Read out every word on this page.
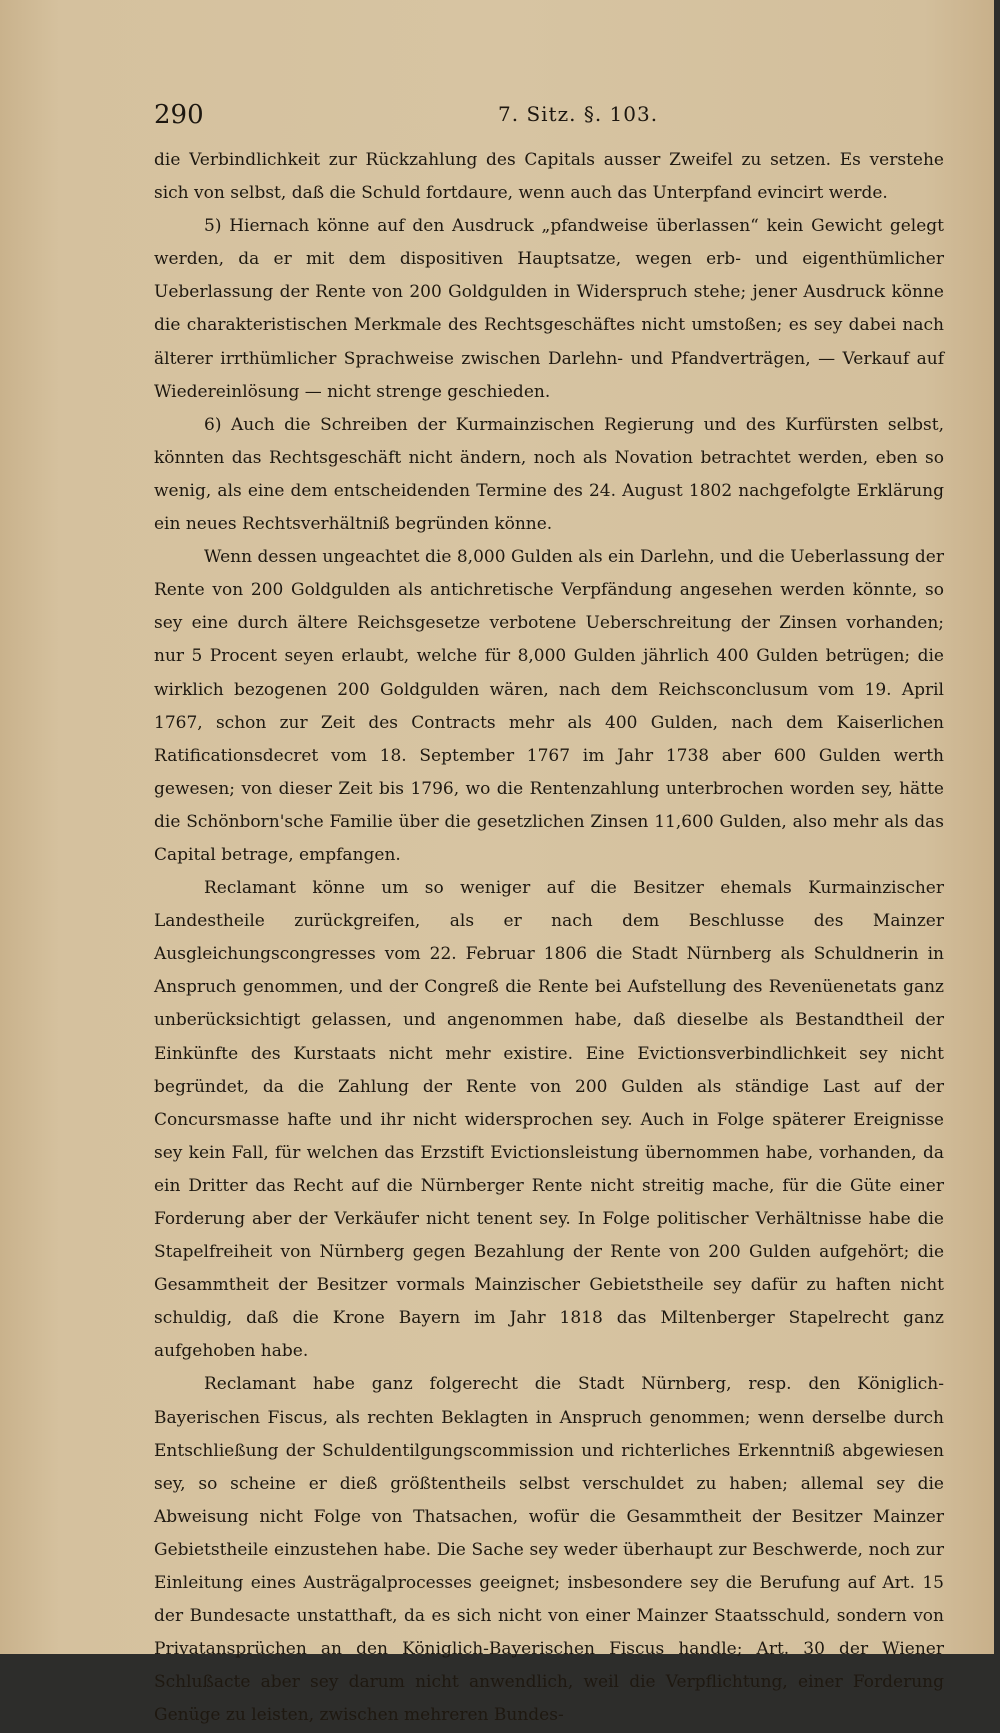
290	7. Sitz. §. 103.

die Verbindlichkeit zur Rückzahlung des Capitals ausser Zweifel zu setzen. Es verstehe sich von selbst, daß die Schuld fortdaure, wenn auch das Unterpfand evincirt werde.

5) Hiernach könne auf den Ausdruck „pfandweise überlassen“ kein Gewicht gelegt werden, da er mit dem dispositiven Hauptsatze, wegen erb- und eigenthümlicher Ueberlassung der Rente von 200 Goldgulden in Widerspruch stehe; jener Ausdruck könne die charakteristischen Merkmale des Rechtsgeschäftes nicht umstoßen; es sey dabei nach älterer irrthümlicher Sprachweise zwischen Darlehn- und Pfandverträgen, — Verkauf auf Wiedereinlösung — nicht strenge geschieden.

6) Auch die Schreiben der Kurmainzischen Regierung und des Kurfürsten selbst, könnten das Rechtsgeschäft nicht ändern, noch als Novation betrachtet werden, eben so wenig, als eine dem entscheidenden Termine des 24. August 1802 nachgefolgte Erklärung ein neues Rechtsverhältniß begründen könne.

Wenn dessen ungeachtet die 8,000 Gulden als ein Darlehn, und die Ueberlassung der Rente von 200 Goldgulden als antichretische Verpfändung angesehen werden könnte, so sey eine durch ältere Reichsgesetze verbotene Ueberschreitung der Zinsen vorhanden; nur 5 Procent seyen erlaubt, welche für 8,000 Gulden jährlich 400 Gulden betrügen; die wirklich bezogenen 200 Goldgulden wären, nach dem Reichsconclusum vom 19. April 1767, schon zur Zeit des Contracts mehr als 400 Gulden, nach dem Kaiserlichen Ratificationsdecret vom 18. September 1767 im Jahr 1738 aber 600 Gulden werth gewesen; von dieser Zeit bis 1796, wo die Rentenzahlung unterbrochen worden sey, hätte die Schönborn'sche Familie über die gesetzlichen Zinsen 11,600 Gulden, also mehr als das Capital betrage, empfangen.

Reclamant könne um so weniger auf die Besitzer ehemals Kurmainzischer Landestheile zurückgreifen, als er nach dem Beschlusse des Mainzer Ausgleichungscongresses vom 22. Februar 1806 die Stadt Nürnberg als Schuldnerin in Anspruch genommen, und der Congreß die Rente bei Aufstellung des Revenüenetats ganz unberücksichtigt gelassen, und angenommen habe, daß dieselbe als Bestandtheil der Einkünfte des Kurstaats nicht mehr existire. Eine Evictionsverbindlichkeit sey nicht begründet, da die Zahlung der Rente von 200 Gulden als ständige Last auf der Concursmasse hafte und ihr nicht widersprochen sey. Auch in Folge späterer Ereignisse sey kein Fall, für welchen das Erzstift Evictionsleistung übernommen habe, vorhanden, da ein Dritter das Recht auf die Nürnberger Rente nicht streitig mache, für die Güte einer Forderung aber der Verkäufer nicht tenent sey. In Folge politischer Verhältnisse habe die Stapelfreiheit von Nürnberg gegen Bezahlung der Rente von 200 Gulden aufgehört; die Gesammtheit der Besitzer vormals Mainzischer Gebietstheile sey dafür zu haften nicht schuldig, daß die Krone Bayern im Jahr 1818 das Miltenberger Stapelrecht ganz aufgehoben habe.

Reclamant habe ganz folgerecht die Stadt Nürnberg, resp. den Königlich-Bayerischen Fiscus, als rechten Beklagten in Anspruch genommen; wenn derselbe durch Entschließung der Schuldentilgungscommission und richterliches Erkenntniß abgewiesen sey, so scheine er dieß größtentheils selbst verschuldet zu haben; allemal sey die Abweisung nicht Folge von Thatsachen, wofür die Gesammtheit der Besitzer Mainzer Gebietstheile einzustehen habe. Die Sache sey weder überhaupt zur Beschwerde, noch zur Einleitung eines Austrägalprocesses geeignet; insbesondere sey die Berufung auf Art. 15 der Bundesacte unstatthaft, da es sich nicht von einer Mainzer Staatsschuld, sondern von Privatansprüchen an den Königlich-Bayerischen Fiscus handle; Art. 30 der Wiener Schlußacte aber sey darum nicht anwendlich, weil die Verpflichtung, einer Forderung Genüge zu leisten, zwischen mehreren Bundes-
